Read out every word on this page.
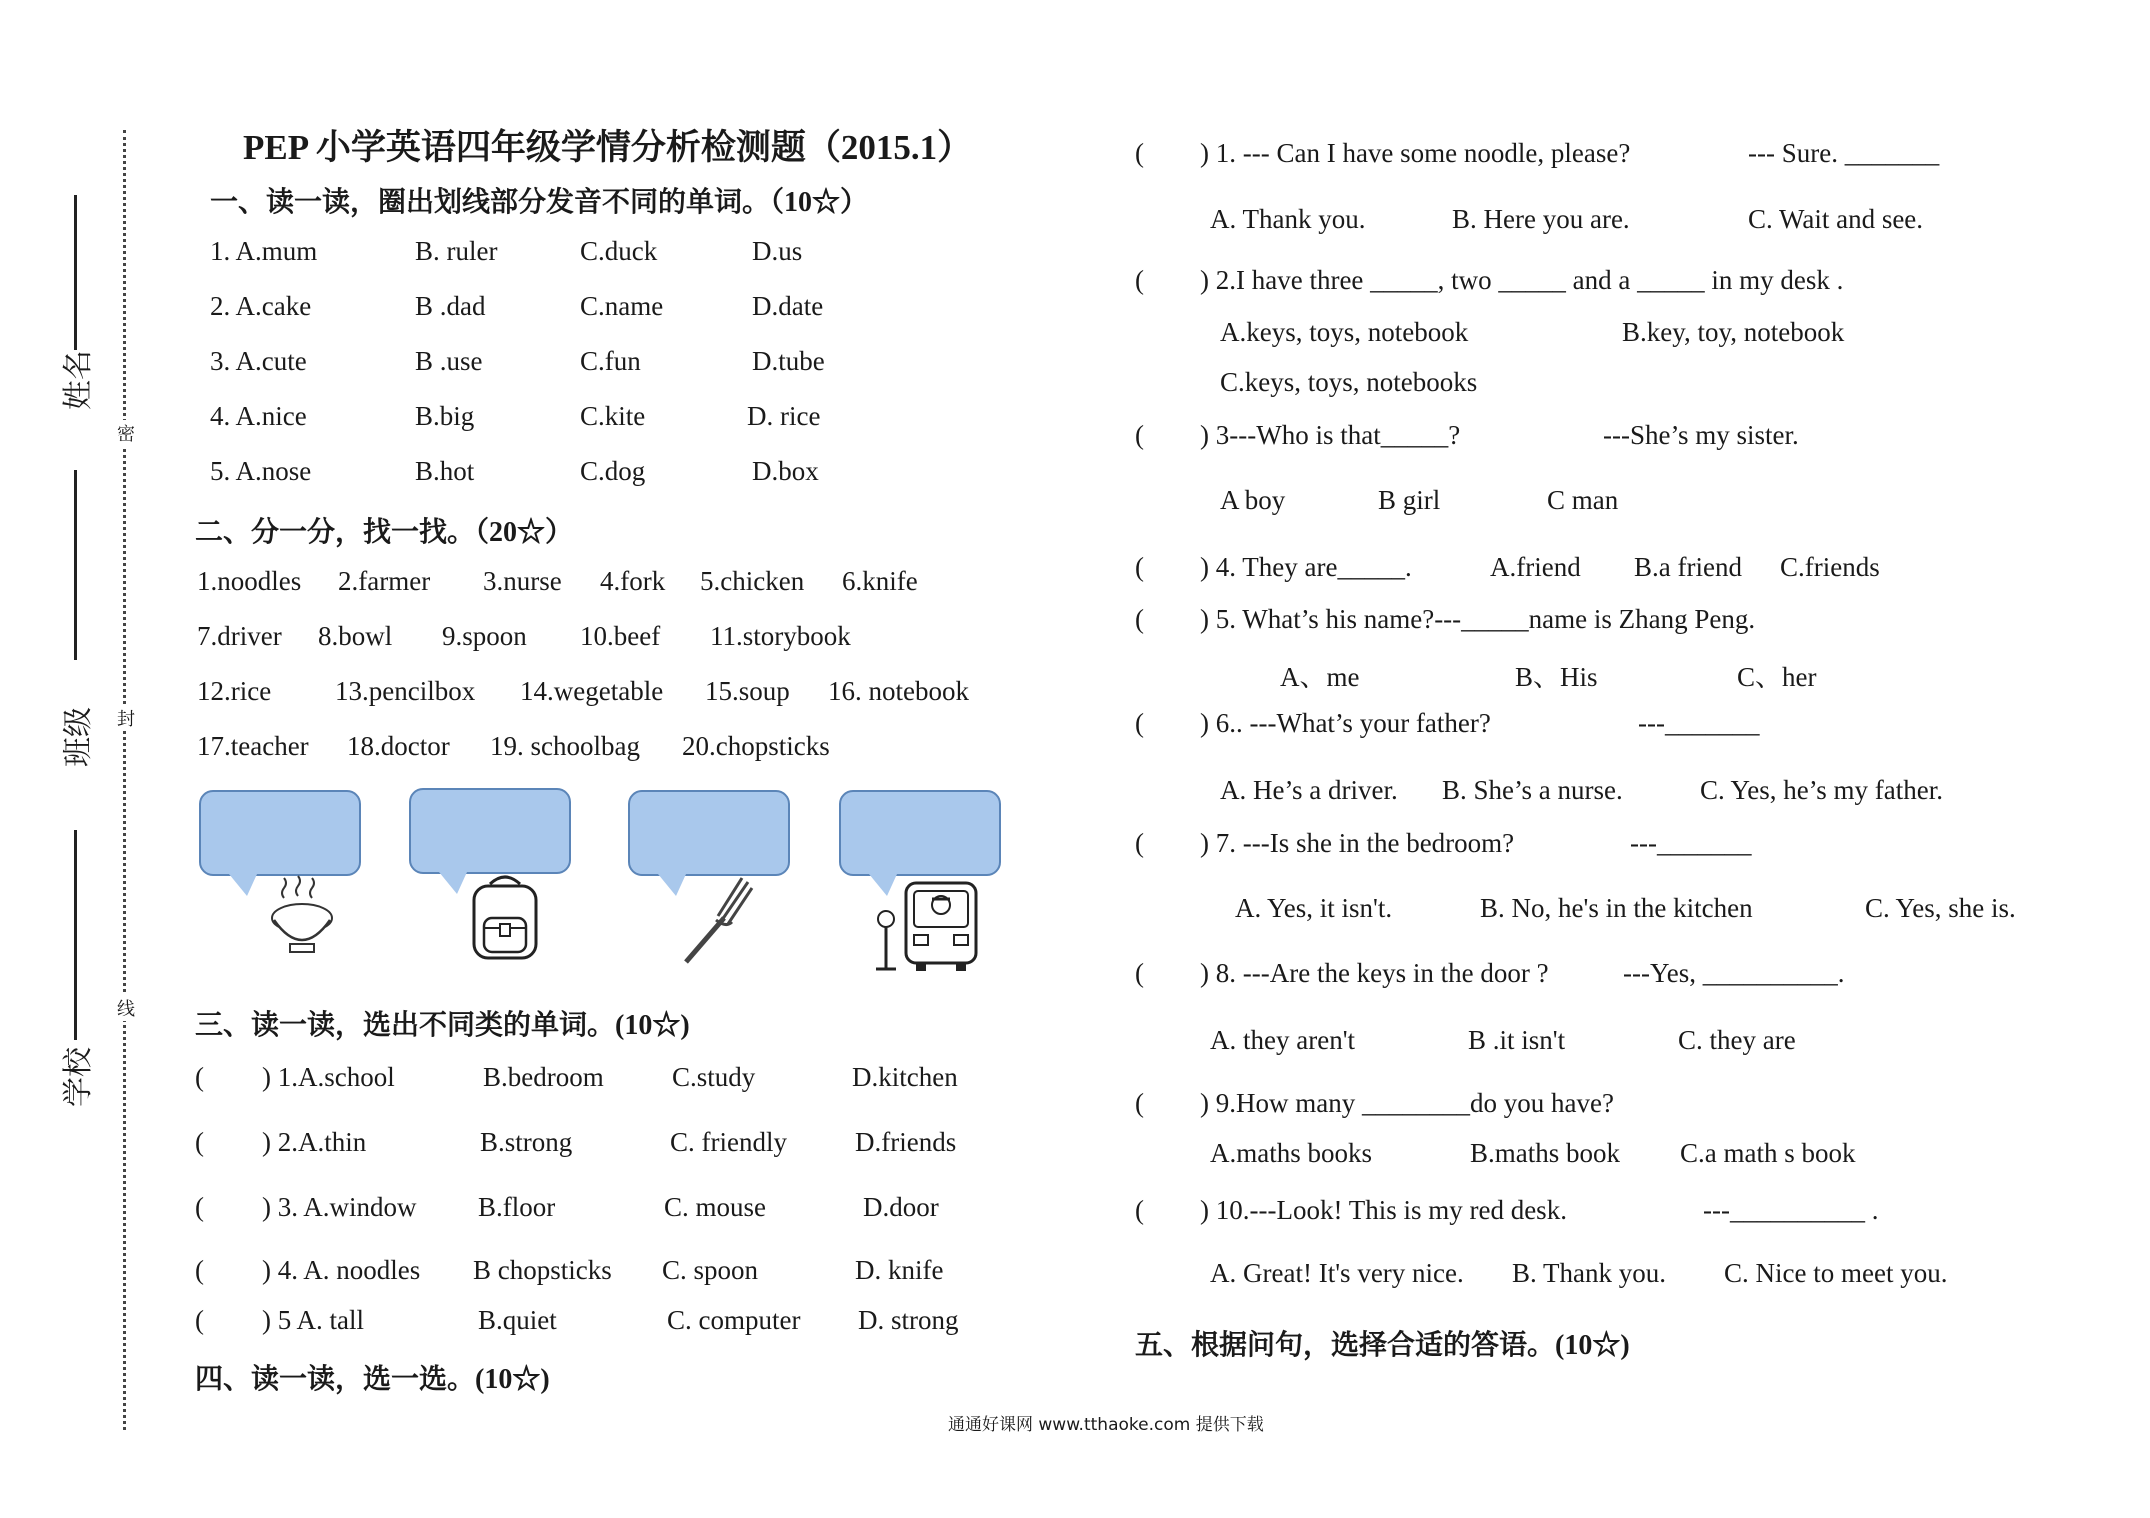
姓名
班级
学校
密
封
线
PEP 小学英语四年级学情分析检测题（2015.1）
一、读一读，圈出划线部分发音不同的单词。（10☆）
1. A.mum	B. ruler	C.duck	D.us
2. A.cake	B .dad	C.name	D.date
3. A.cute	B .use	C.fun	D.tube
4. A.nice	B.big	C.kite	D. rice
5. A.nose	B.hot	C.dog	D.box
二、分一分，找一找。（20☆）
1.noodles 2.farmer 3.nurse 4.fork 5.chicken 6.knife
7.driver 8.bowl 9.spoon 10.beef 11.storybook
12.rice 13.pencilbox 14.wegetable 15.soup 16. notebook
17.teacher 18.doctor 19. schoolbag 20.chopsticks
三、读一读，选出不同类的单词。(10☆)
( ) 1.A.school	B.bedroom	C.study	D.kitchen
( ) 2.A.thin	B.strong	C. friendly	D.friends
( ) 3. A.window B.floor	C. mouse	D.door
( ) 4. A. noodles B chopsticks C. spoon	D. knife
( ) 5 A. tall	B.quiet	C. computer D. strong
四、读一读，选一选。(10☆)
( ) 1. --- Can I have some noodle, please?	--- Sure. _______
A. Thank you.	B. Here you are.	C. Wait and see.
( ) 2.I have three _____, two _____ and a _____ in my desk .
A.keys, toys, notebook	B.key, toy, notebook
C.keys, toys, notebooks
( ) 3---Who is that_____?	---She’s my sister.
A boy	B girl	C man
( ) 4. They are_____.	A.friend B.a friend C.friends
( ) 5. What’s his name?---_____name is Zhang Peng.
A、me	B、His	C、her
( ) 6.. ---What’s your father?	---_______
A. He’s a driver. B. She’s a nurse.	C. Yes, he’s my father.
( ) 7. ---Is she in the bedroom?	---_______
A. Yes, it isn't.	B. No, he's in the kitchen	C. Yes, she is.
( ) 8. ---Are the keys in the door ?	---Yes, __________.
A. they aren't	B .it isn't	C. they are
( ) 9.How many ________do you have?
A.maths books	B.maths book C.a math s book
( ) 10.---Look! This is my red desk.	---__________ .
A. Great! It's very nice. B. Thank you. C. Nice to meet you.
五、根据问句，选择合适的答语。(10☆)
通通好课网 www.tthaoke.com 提供下载
